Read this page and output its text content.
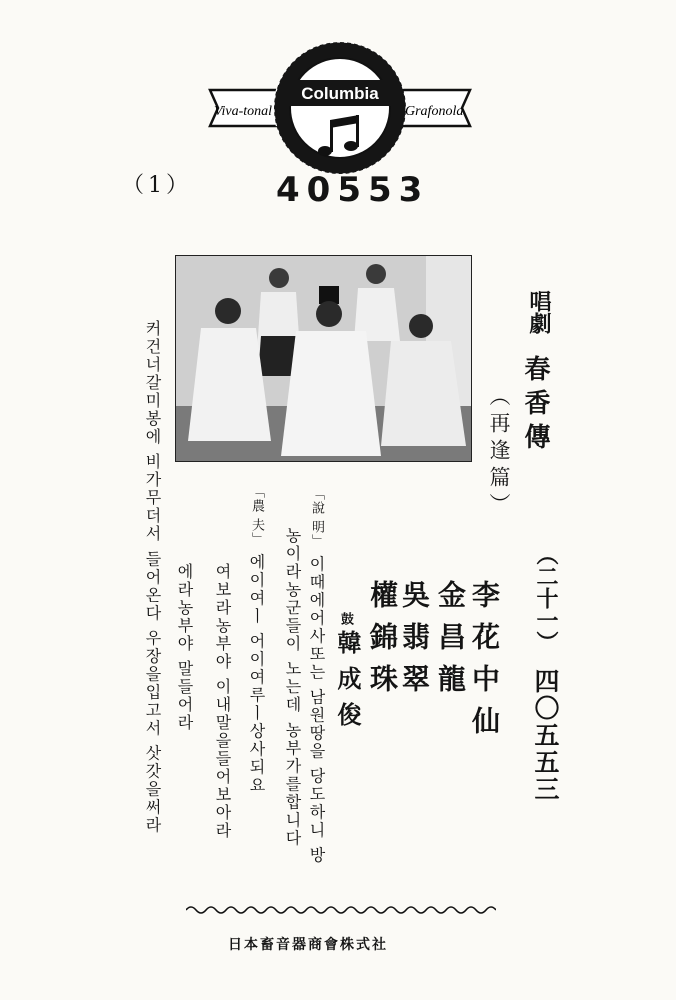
Viva-tonal	Grafonola
Columbia
（1） 40553
唱劇
春香傳
（再逢篇）
（二十一）
李花中仙
金昌龍
吳翡翠
權錦珠
鼓
韓成俊	四〇五五三
「說 明」 이때에어사또는 남원땅을 당도하니 방
농이라농군들이 노는데 농부가를합니다
「農 夫」 에이여ㅣ 어이여루ㅣ상사되요
여보라농부야 이내말을들어보아라
에라농부야 말들어라
커건너갈미봉에 비가무더서 들어온다 우장을입고서 삿갓을써라
日本畜音器商會株式社
